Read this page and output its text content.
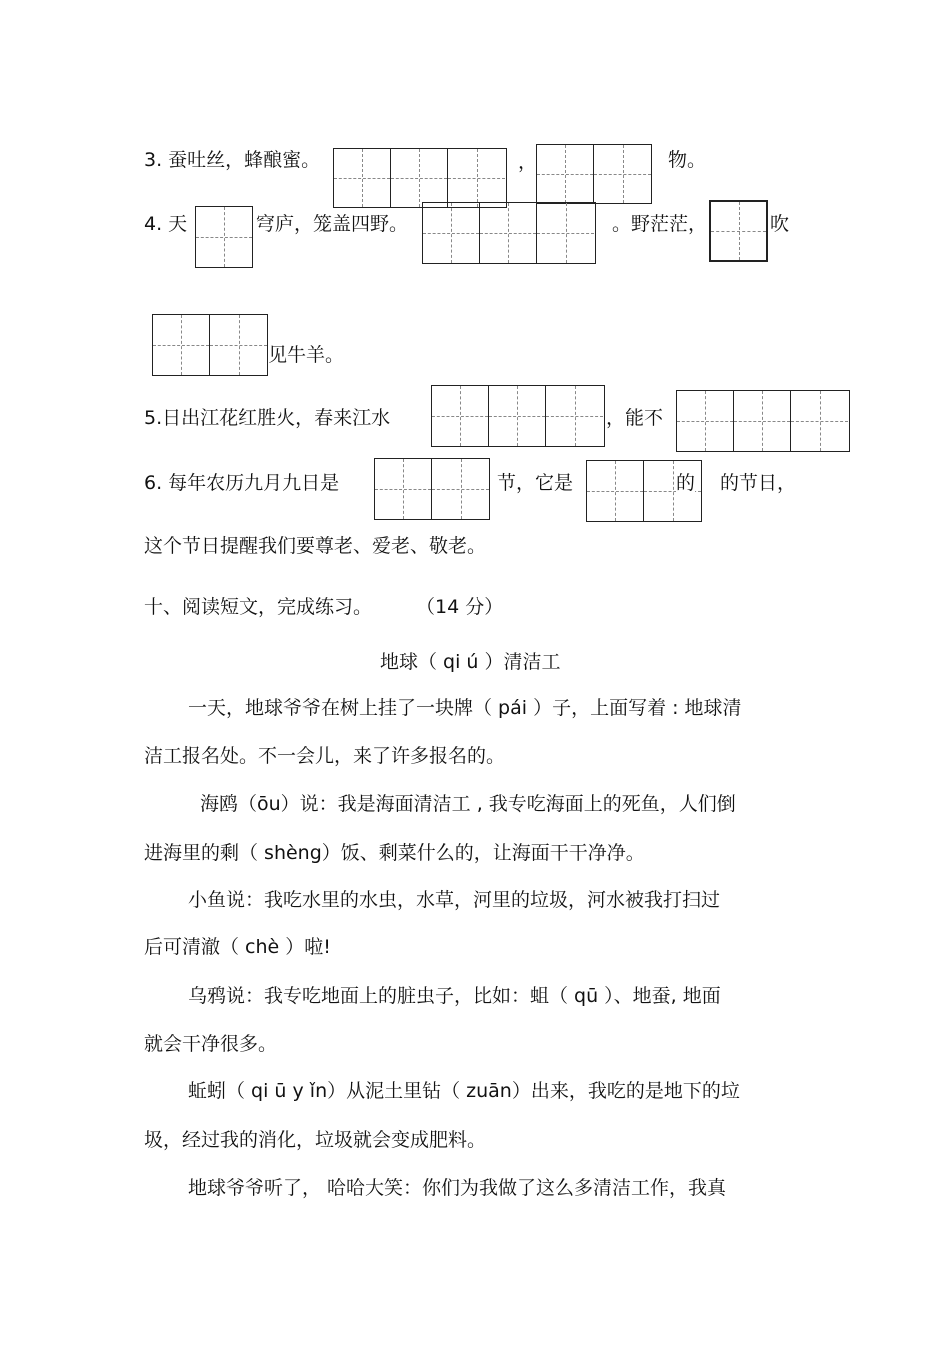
3. 蚕吐丝，蜂酿蜜。	，	物。
4. 天	穹庐，笼盖四野。	。野茫茫，	吹
见牛羊。
5.日出江花红胜火，春来江水	，能不
6. 每年农历九月九日是	节，它是	的 的节日，
这个节日提醒我们要尊老、爱老、敬老。
十、阅读短文，完成练习。 （14 分）
地球（ qi ú ）清洁工
一天，地球爷爷在树上挂了一块牌（ pái ）子，上面写着 : 地球清
洁工报名处。不一会儿，来了许多报名的。
海鸥（ōu）说：我是海面清洁工 , 我专吃海面上的死鱼，人们倒
进海里的剩（ shèng）饭、剩菜什么的，让海面干干净净。
小鱼说：我吃水里的水虫，水草，河里的垃圾，河水被我打扫过
后可清澈（ chè ）啦!
乌鸦说：我专吃地面上的脏虫子，比如：蛆（ qū ）、地蚕, 地面
就会干净很多。
蚯蚓（ qi ū y ǐn）从泥土里钻（ zuān）出来，我吃的是地下的垃
圾，经过我的消化，垃圾就会变成肥料。
地球爷爷听了， 哈哈大笑：你们为我做了这么多清洁工作，我真
